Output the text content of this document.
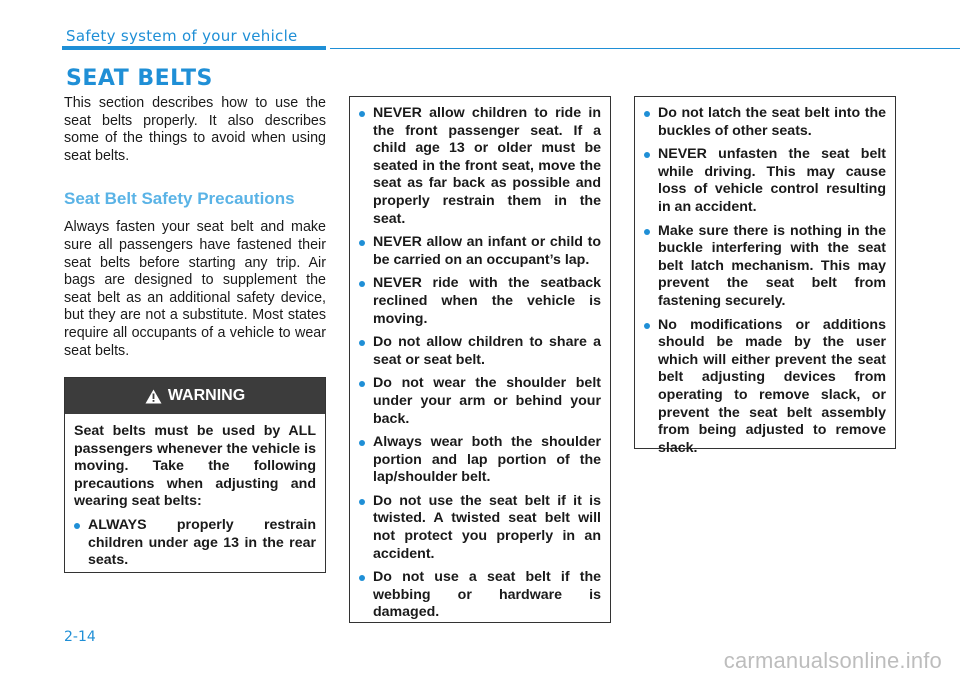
Safety system of your vehicle
SEAT BELTS

This section describes how to use the seat belts properly. It also describes some of the things to avoid when using seat belts.

Seat Belt Safety Precautions

Always fasten your seat belt and make sure all passengers have fastened their seat belts before starting any trip. Air bags are designed to supplement the seat belt as an additional safety device, but they are not a substitute. Most states require all occupants of a vehicle to wear seat belts.

WARNING

Seat belts must be used by ALL passengers whenever the vehicle is moving. Take the following precautions when adjusting and wearing seat belts:

ALWAYS properly restrain children under age 13 in the rear seats.
NEVER allow children to ride in the front passenger seat. If a child age 13 or older must be seated in the front seat, move the seat as far back as possible and properly restrain them in the seat.
NEVER allow an infant or child to be carried on an occupant’s lap.
NEVER ride with the seatback reclined when the vehicle is moving.
Do not allow children to share a seat or seat belt.
Do not wear the shoulder belt under your arm or behind your back.
Always wear both the shoulder portion and lap portion of the lap/shoulder belt.
Do not use the seat belt if it is twisted. A twisted seat belt will not protect you properly in an accident.
Do not use a seat belt if the webbing or hardware is damaged.
Do not latch the seat belt into the buckles of other seats.
NEVER unfasten the seat belt while driving. This may cause loss of vehicle control resulting in an accident.
Make sure there is nothing in the buckle interfering with the seat belt latch mechanism. This may prevent the seat belt from fastening securely.
No modifications or additions should be made by the user which will either prevent the seat belt adjusting devices from operating to remove slack, or prevent the seat belt assembly from being adjusted to remove slack.
2-14
carmanualsonline.info
